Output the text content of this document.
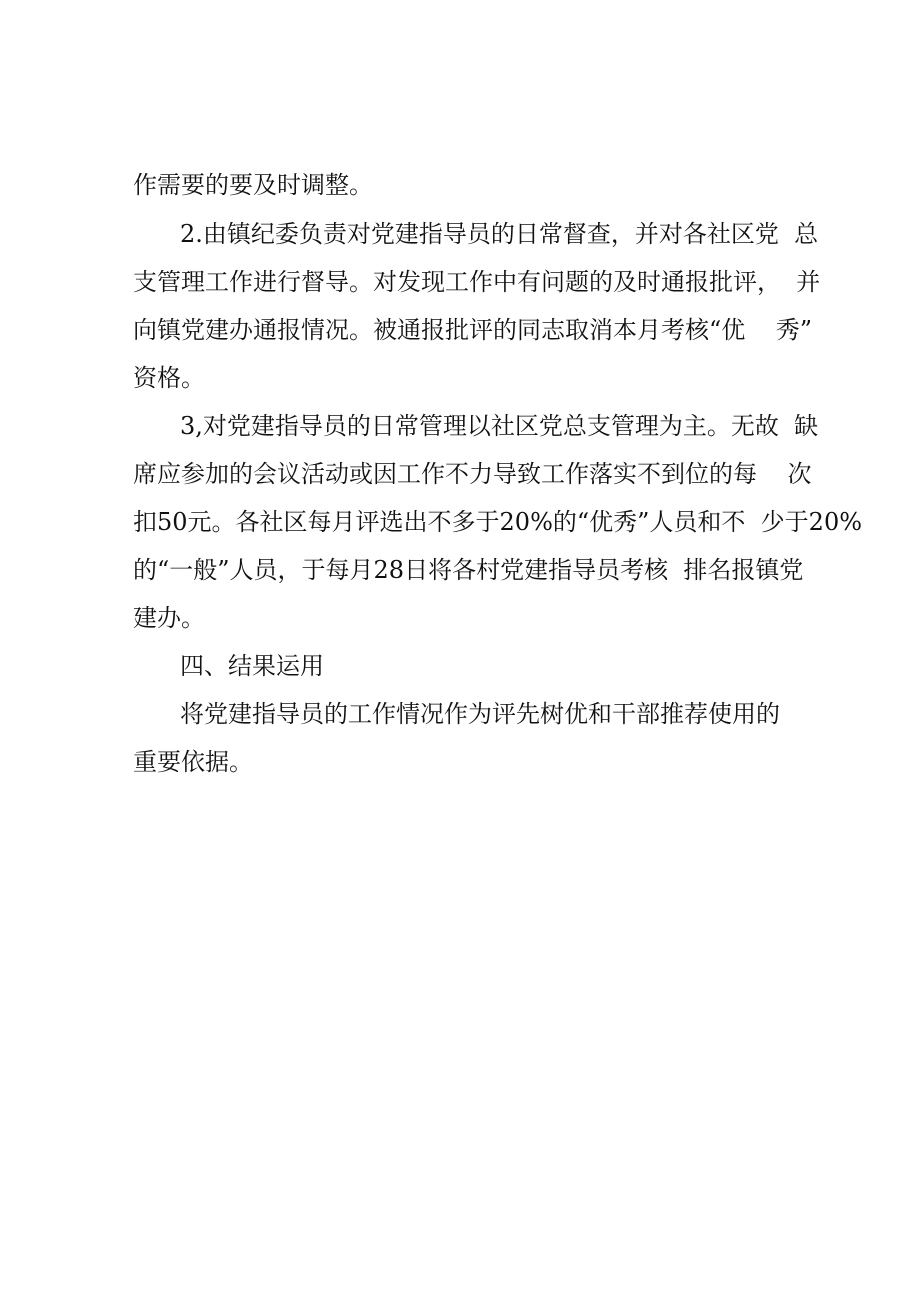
作需要的要及时调整。
2.由镇纪委负责对党建指导员的日常督查，并对各社区党  总
支管理工作进行督导。对发现工作中有问题的及时通报批评，  并
向镇党建办通报情况。被通报批评的同志取消本月考核“优    秀”
资格。
3,对党建指导员的日常管理以社区党总支管理为主。无故  缺
席应参加的会议活动或因工作不力导致工作落实不到位的每    次
扣50元。各社区每月评选出不多于20%的“优秀”人员和不  少于20%
的“一般”人员，于每月28日将各村党建指导员考核  排名报镇党
建办。
四、结果运用
将党建指导员的工作情况作为评先树优和干部推荐使用的
重要依据。
